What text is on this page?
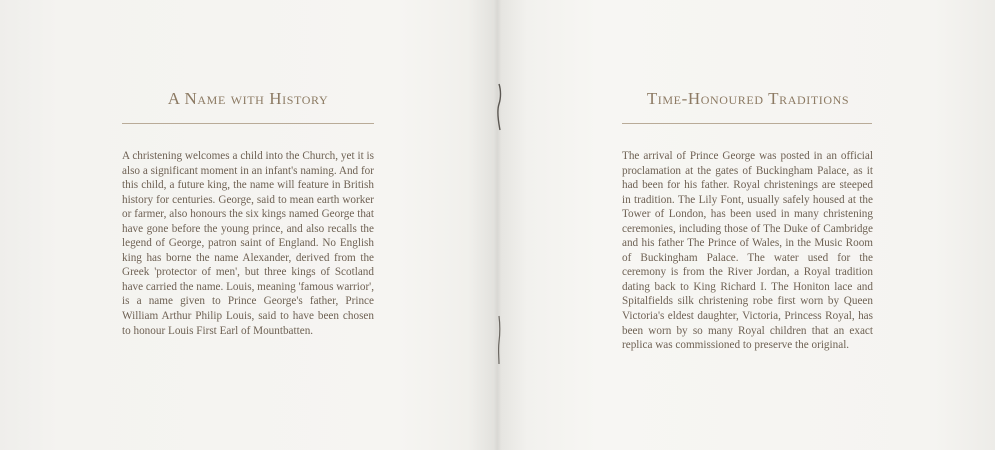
A Name with History

A christening welcomes a child into the Church, yet it is also a significant moment in an infant's naming. And for this child, a future king, the name will feature in British history for centuries. George, said to mean earth worker or farmer, also honours the six kings named George that have gone before the young prince, and also recalls the legend of George, patron saint of England. No English king has borne the name Alexander, derived from the Greek 'protector of men', but three kings of Scotland have carried the name. Louis, meaning 'famous warrior', is a name given to Prince George's father, Prince William Arthur Philip Louis, said to have been chosen to honour Louis First Earl of Mountbatten.

Time-Honoured Traditions

The arrival of Prince George was posted in an official proclamation at the gates of Buckingham Palace, as it had been for his father. Royal christenings are steeped in tradition. The Lily Font, usually safely housed at the Tower of London, has been used in many christening ceremonies, including those of The Duke of Cambridge and his father The Prince of Wales, in the Music Room of Buckingham Palace. The water used for the ceremony is from the River Jordan, a Royal tradition dating back to King Richard I. The Honiton lace and Spitalfields silk christening robe first worn by Queen Victoria's eldest daughter, Victoria, Princess Royal, has been worn by so many Royal children that an exact replica was commissioned to preserve the original.
